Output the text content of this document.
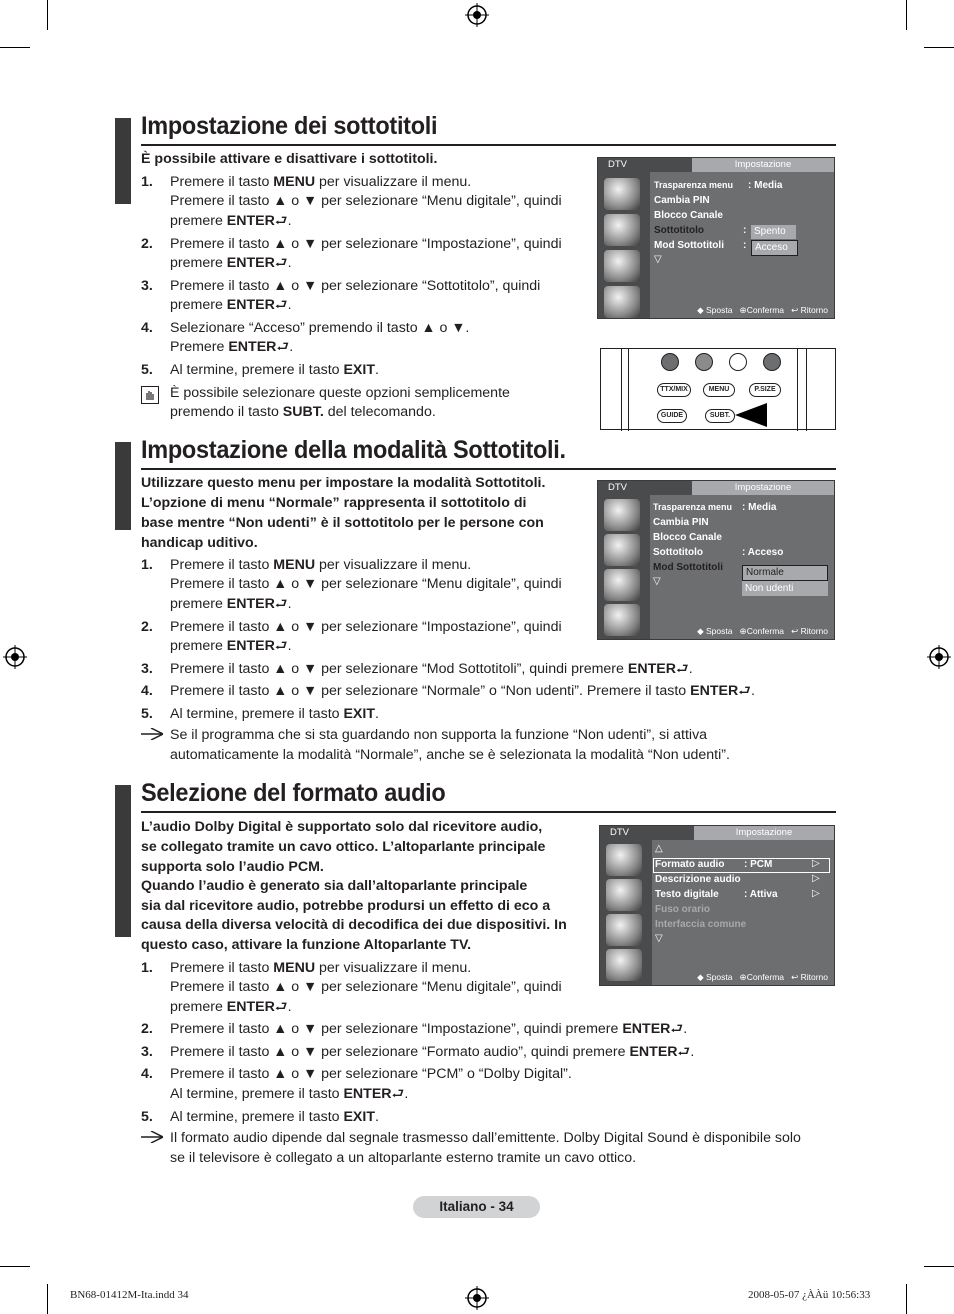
Impostazione dei sottotitoli
È possibile attivare e disattivare i sottotitoli.
1. Premere il tasto MENU per visualizzare il menu.
Premere il tasto ▲ o ▼ per selezionare “Menu digitale”, quindi
premere ENTER⮐.
2. Premere il tasto ▲ o ▼ per selezionare “Impostazione”, quindi
premere ENTER⮐.
3. Premere il tasto ▲ o ▼ per selezionare “Sottotitolo”, quindi
premere ENTER⮐.
4. Selezionare “Acceso” premendo il tasto ▲ o ▼.
Premere ENTER⮐.
5. Al termine, premere il tasto EXIT.
È possibile selezionare queste opzioni semplicemente
premendo il tasto SUBT. del telecomando.
DTV	Impostazione
Trasparenza menu : Media
Cambia PIN
Blocco Canale
Sottotitolo	:
Mod Sottotitoli :
▽
Spento
Acceso
◆ Sposta   ⊕Conferma   ↩ Ritorno
TTX/MIX	MENU	P.SIZE
GUIDE	SUBT.
Impostazione della modalità Sottotitoli.
Utilizzare questo menu per impostare la modalità Sottotitoli.
L’opzione di menu “Normale” rappresenta il sottotitolo di
base mentre “Non udenti” è il sottotitolo per le persone con
handicap uditivo.
1. Premere il tasto MENU per visualizzare il menu.
Premere il tasto ▲ o ▼ per selezionare “Menu digitale”, quindi
premere ENTER⮐.
2. Premere il tasto ▲ o ▼ per selezionare “Impostazione”, quindi
premere ENTER⮐.
3. Premere il tasto ▲ o ▼ per selezionare “Mod Sottotitoli”, quindi premere ENTER⮐.
4. Premere il tasto ▲ o ▼ per selezionare “Normale” o “Non udenti”. Premere il tasto ENTER⮐.
5. Al termine, premere il tasto EXIT.
Se il programma che si sta guardando non supporta la funzione “Non udenti”, si attiva
automaticamente la modalità “Normale”, anche se è selezionata la modalità “Non udenti”.
DTV	Impostazione
Trasparenza menu : Media
Cambia PIN
Blocco Canale
Sottotitolo	: Acceso
Mod Sottotitoli
▽
Normale
Non udenti
◆ Sposta   ⊕Conferma   ↩ Ritorno
Selezione del formato audio
L’audio Dolby Digital è supportato solo dal ricevitore audio,
se collegato tramite un cavo ottico. L’altoparlante principale
supporta solo l’audio PCM.
Quando l’audio è generato sia dall’altoparlante principale
sia dal ricevitore audio, potrebbe prodursi un effetto di eco a
causa della diversa velocità di decodifica dei due dispositivi. In
questo caso, attivare la funzione Altoparlante TV.
1. Premere il tasto MENU per visualizzare il menu.
Premere il tasto ▲ o ▼ per selezionare “Menu digitale”, quindi
premere ENTER⮐.
2. Premere il tasto ▲ o ▼ per selezionare “Impostazione”, quindi premere ENTER⮐.
3. Premere il tasto ▲ o ▼ per selezionare “Formato audio”, quindi premere ENTER⮐.
4. Premere il tasto ▲ o ▼ per selezionare “PCM” o “Dolby Digital”.
Al termine, premere il tasto ENTER⮐.
5. Al termine, premere il tasto EXIT.
Il formato audio dipende dal segnale trasmesso dall’emittente. Dolby Digital Sound è disponibile solo
se il televisore è collegato a un altoparlante esterno tramite un cavo ottico.
DTV	Impostazione
△
Formato audio : PCM	▷
Descrizione audio	▷
Testo digitale	: Attiva	▷
Fuso orario
Interfaccia comune
▽
◆ Sposta   ⊕Conferma   ↩ Ritorno
Italiano - 34
BN68-01412M-Ita.indd 34	2008-05-07 ¿ÀÀü 10:56:33
